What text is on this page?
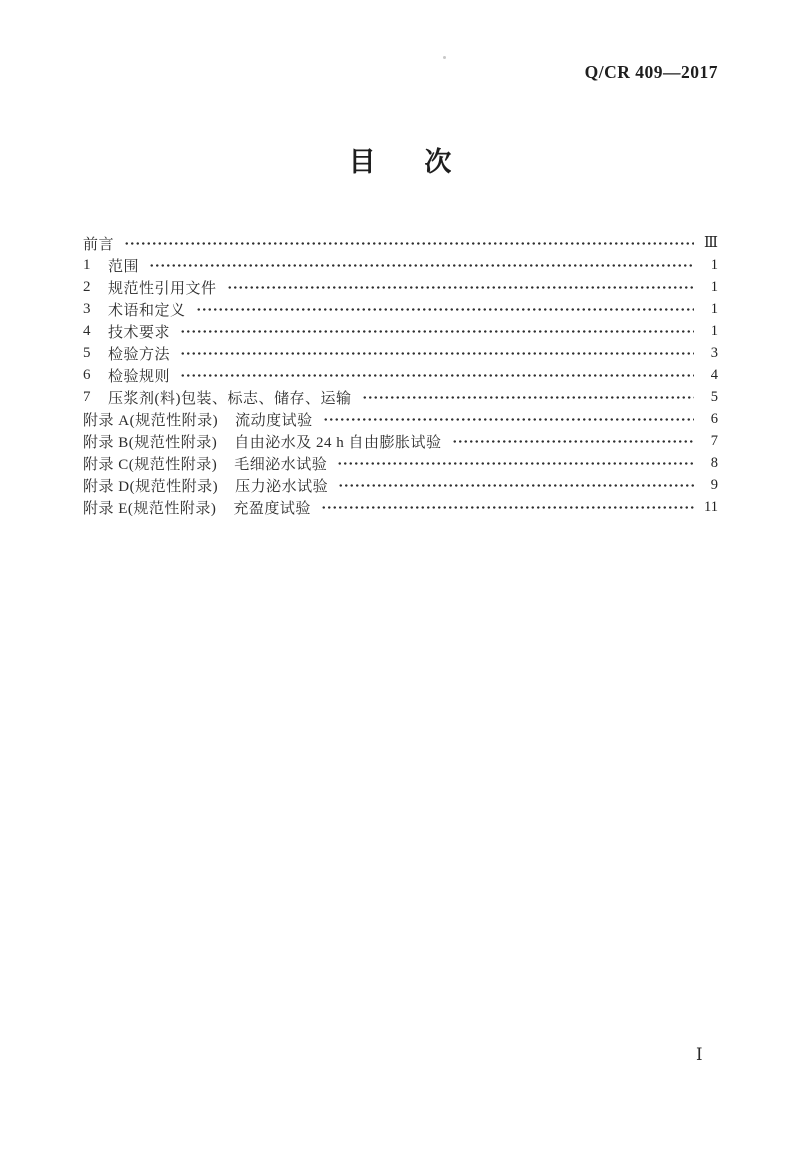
Q/CR 409—2017
目 次
前言	Ⅲ
1	范围	1
2	规范性引用文件	1
3	术语和定义	1
4	技术要求	1
5	检验方法	3
6	检验规则	4
7	压浆剂(料)包装、标志、储存、运输	5
附录 A(规范性附录) 流动度试验	6
附录 B(规范性附录) 自由泌水及 24 h 自由膨胀试验	7
附录 C(规范性附录) 毛细泌水试验	8
附录 D(规范性附录) 压力泌水试验	9
附录 E(规范性附录) 充盈度试验	11
Ⅰ
